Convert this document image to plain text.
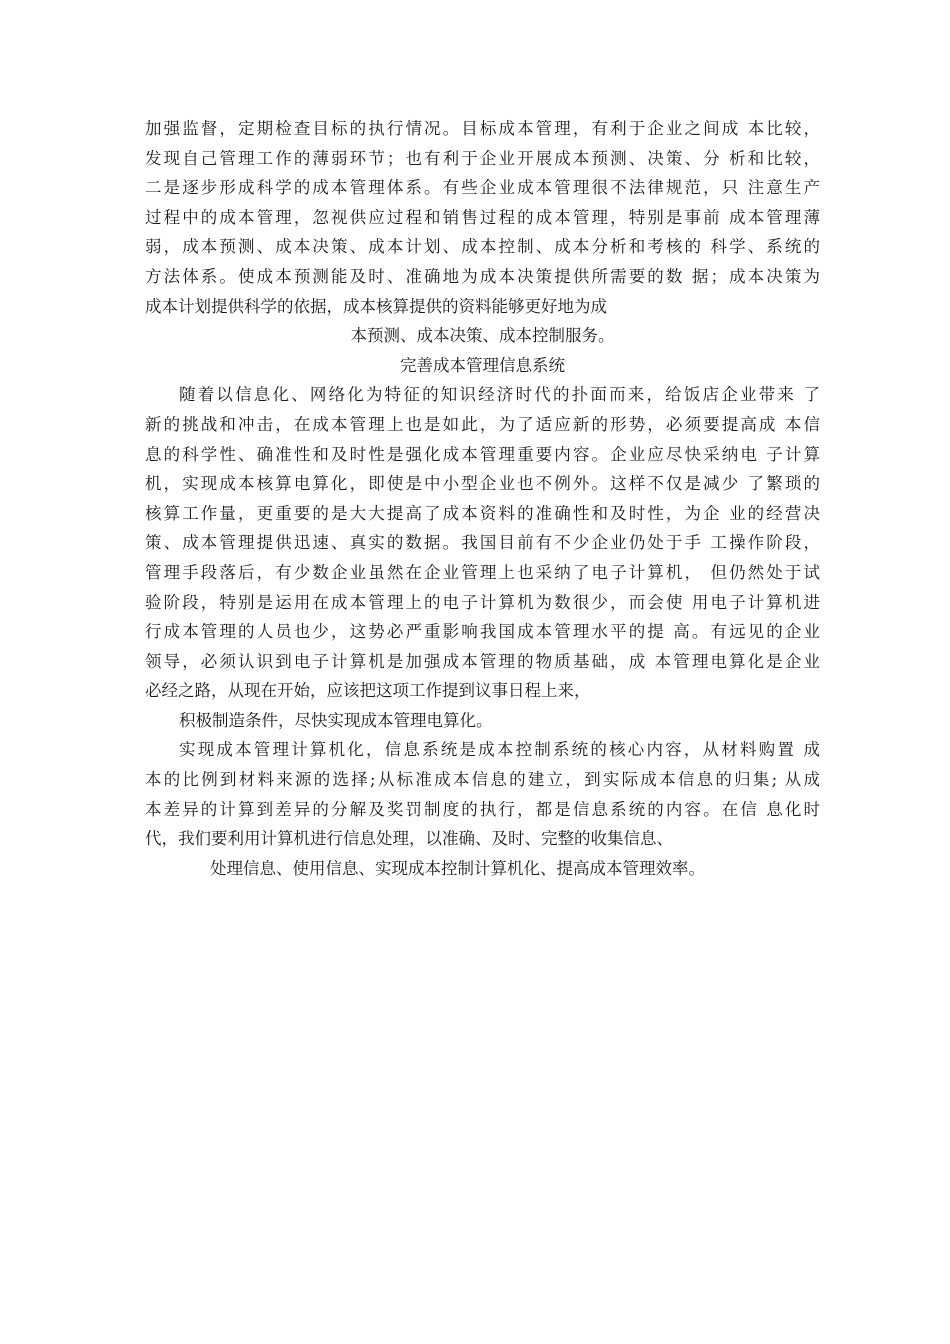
加强监督，定期检查目标的执行情况。目标成本管理，有利于企业之间成 本比较，
发现自己管理工作的薄弱环节；也有利于企业开展成本预测、决策、分 析和比较，
二是逐步形成科学的成本管理体系。有些企业成本管理很不法律规范，只 注意生产
过程中的成本管理，忽视供应过程和销售过程的成本管理，特别是事前 成本管理薄
弱，成本预测、成本决策、成本计划、成本控制、成本分析和考核的 科学、系统的
方法体系。使成本预测能及时、准确地为成本决策提供所需要的数 据；成本决策为
成本计划提供科学的依据，成本核算提供的资料能够更好地为成
本预测、成本决策、成本控制服务。
完善成本管理信息系统
随着以信息化、网络化为特征的知识经济时代的扑面而来，给饭店企业带来 了
新的挑战和冲击，在成本管理上也是如此，为了适应新的形势，必须要提高成 本信
息的科学性、确准性和及时性是强化成本管理重要内容。企业应尽快采纳电 子计算
机，实现成本核算电算化，即使是中小型企业也不例外。这样不仅是减少 了繁琐的
核算工作量，更重要的是大大提高了成本资料的准确性和及时性，为企 业的经营决
策、成本管理提供迅速、真实的数据。我国目前有不少企业仍处于手 工操作阶段，
管理手段落后，有少数企业虽然在企业管理上也采纳了电子计算机， 但仍然处于试
验阶段，特别是运用在成本管理上的电子计算机为数很少，而会使 用电子计算机进
行成本管理的人员也少，这势必严重影响我国成本管理水平的提 高。有远见的企业
领导，必须认识到电子计算机是加强成本管理的物质基础，成 本管理电算化是企业
必经之路，从现在开始，应该把这项工作提到议事日程上来，
积极制造条件，尽快实现成本管理电算化。
实现成本管理计算机化，信息系统是成本控制系统的核心内容，从材料购置 成
本的比例到材料来源的选择;从标准成本信息的建立，到实际成本信息的归集; 从成
本差异的计算到差异的分解及奖罚制度的执行，都是信息系统的内容。在信 息化时
代，我们要利用计算机进行信息处理，以准确、及时、完整的收集信息、
处理信息、使用信息、实现成本控制计算机化、提高成本管理效率。
